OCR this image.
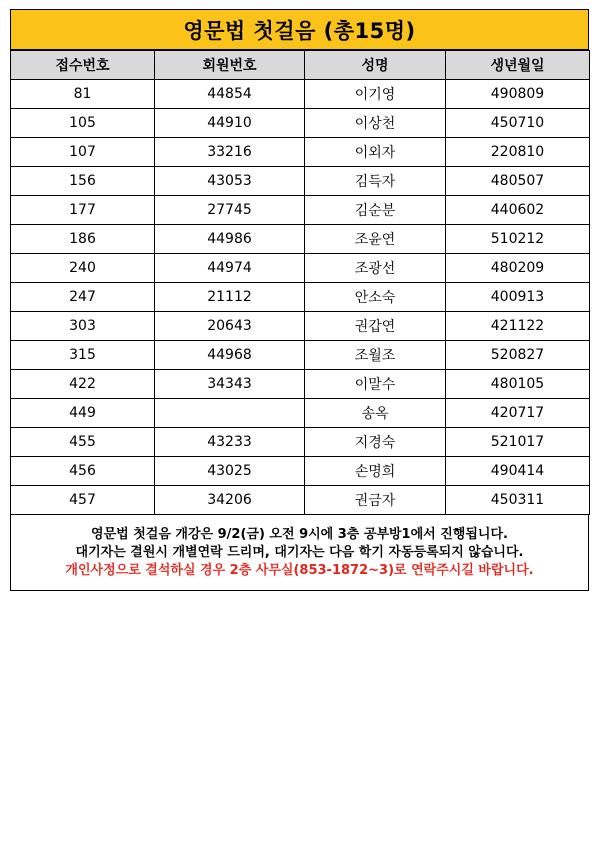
영문법 첫걸음 (총15명)
접수번호	회원번호	성명	생년월일
81	44854	이기영	490809
105	44910	이상천	450710
107	33216	이외자	220810
156	43053	김득자	480507
177	27745	김순분	440602
186	44986	조윤연	510212
240	44974	조광선	480209
247	21112	안소숙	400913
303	20643	권갑연	421122
315	44968	조월조	520827
422	34343	이말수	480105
449		송옥	420717
455	43233	지경숙	521017
456	43025	손명희	490414
457	34206	권금자	450311
영문법 첫걸음 개강은 9/2(금) 오전 9시에 3층 공부방1에서 진행됩니다.
대기자는 결원시 개별연락 드리며, 대기자는 다음 학기 자동등록되지 않습니다.
개인사정으로 결석하실 경우 2층 사무실(853-1872~3)로 연락주시길 바랍니다.
